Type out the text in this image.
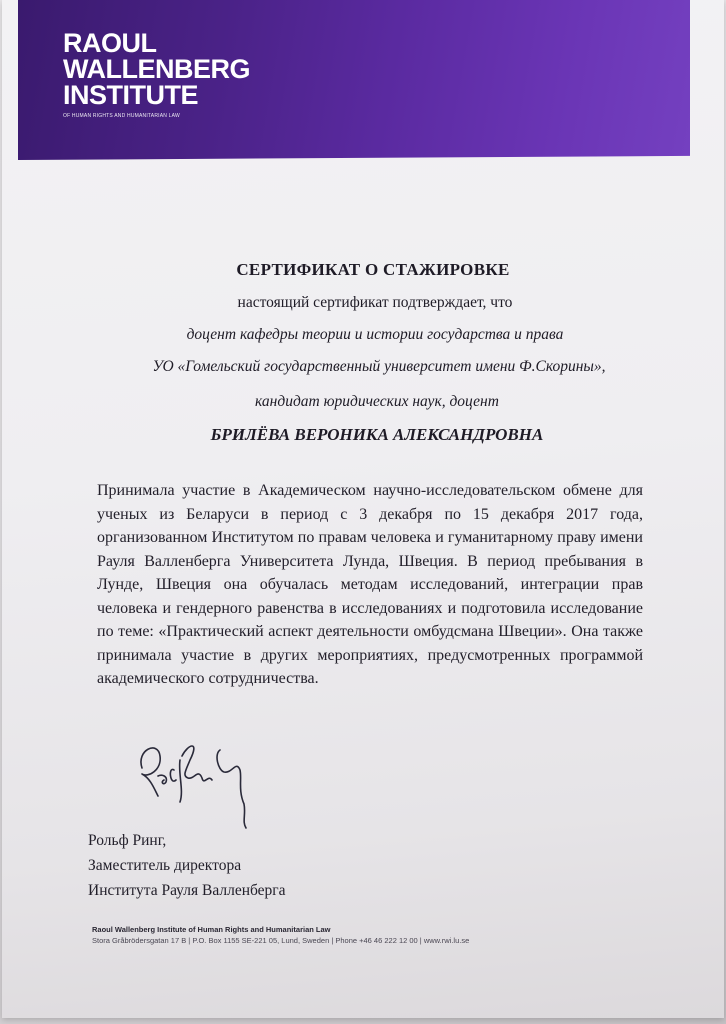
RAOUL
WALLENBERG
INSTITUTE
OF HUMAN RIGHTS AND HUMANITARIAN LAW
СЕРТИФИКАТ О СТАЖИРОВКЕ
настоящий сертификат подтверждает, что
доцент кафедры теории и истории государства и права
УО «Гомельский государственный университет имени Ф.Скорины»,
кандидат юридических наук, доцент
БРИЛЁВА ВЕРОНИКА АЛЕКСАНДРОВНА
Принимала участие в Академическом научно-исследовательском обмене для ученых из Беларуси в период с 3 декабря по 15 декабря 2017 года, организованном Институтом по правам человека и гуманитарному праву имени Рауля Валленберга Университета Лунда, Швеция. В период пребывания в Лунде, Швеция она обучалась методам исследований, интеграции прав человека и гендерного равенства в исследованиях и подготовила исследование по теме: «Практический аспект деятельности омбудсмана Швеции». Она также принимала участие в других мероприятиях, предусмотренных программой академического сотрудничества.
Рольф Ринг,
Заместитель директора
Института Рауля Валленберга
Raoul Wallenberg Institute of Human Rights and Humanitarian Law
Stora Gråbrödersgatan 17 B | P.O. Box 1155 SE-221 05, Lund, Sweden | Phone +46 46 222 12 00 | www.rwi.lu.se
